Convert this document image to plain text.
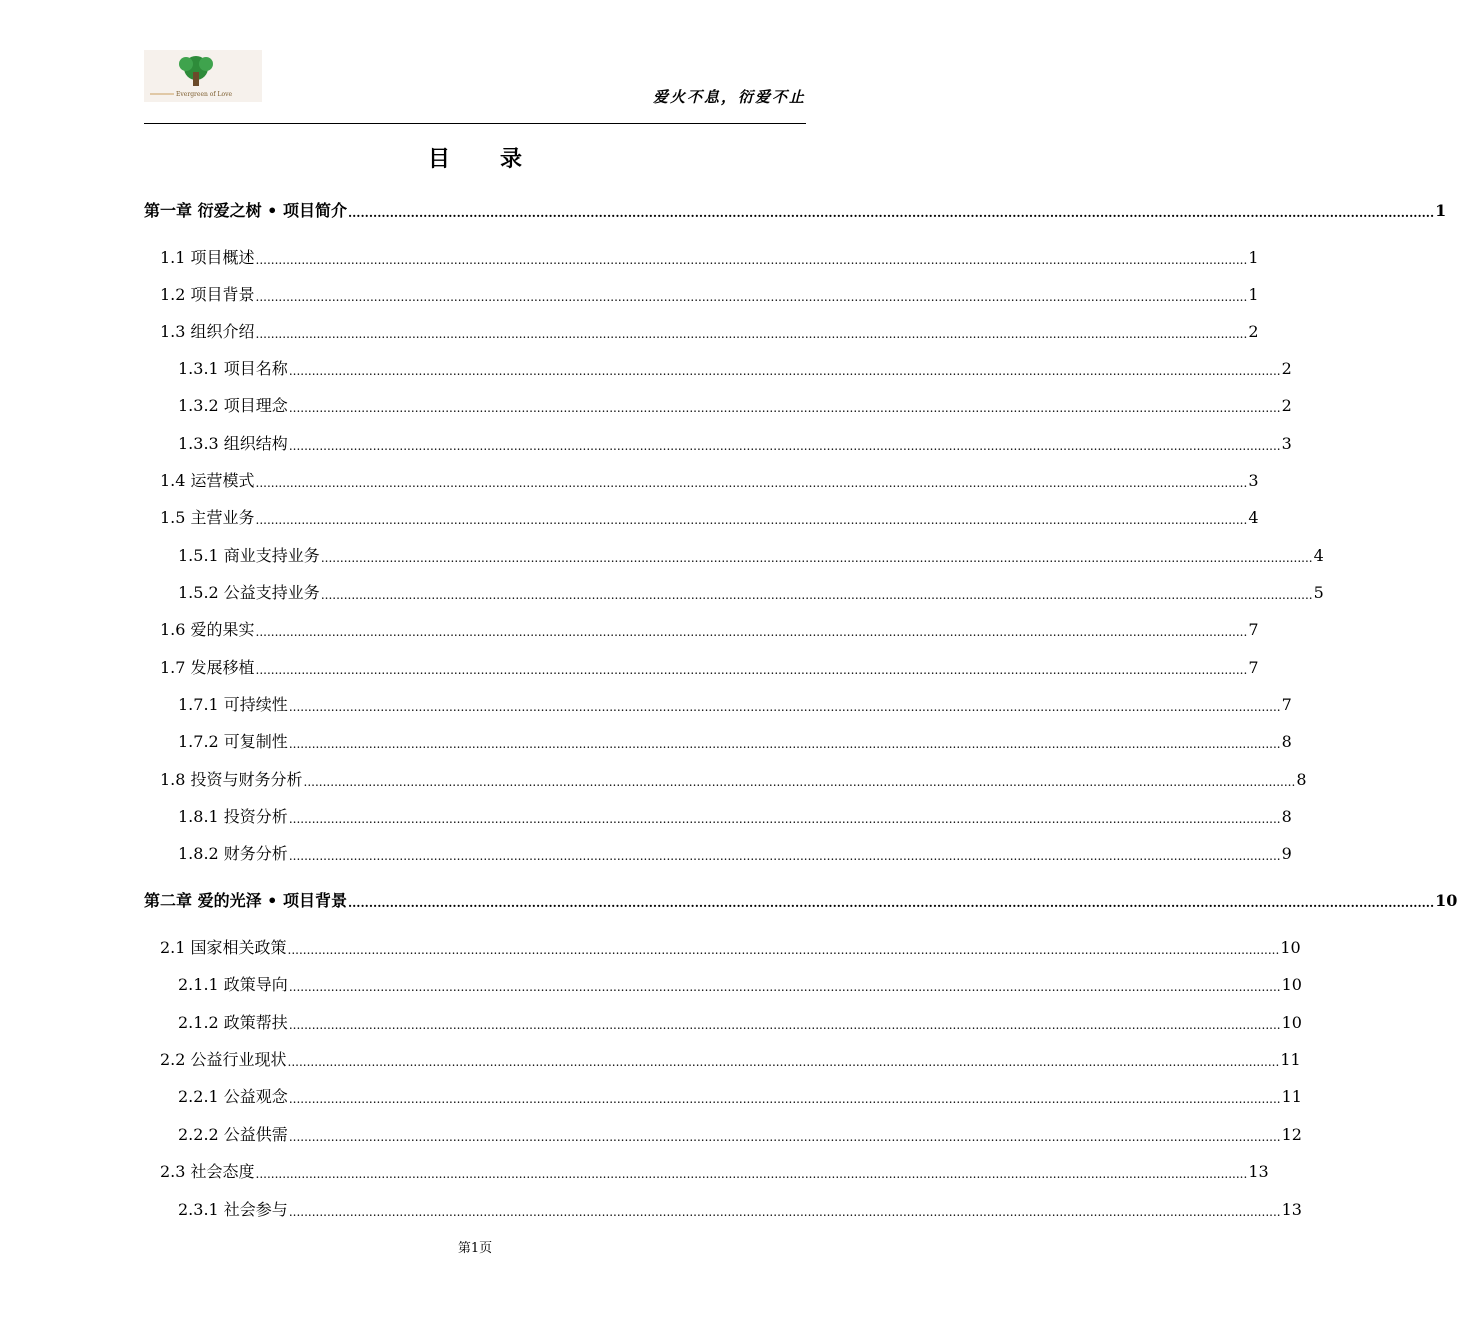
Evergreen of Love	爱火不息，衍爱不止
目录
第一章 衍爱之树 • 项目简介 .................................................................................................................................................................................................................................................................... 1
1.1 项目概述 .................................................................................................................................................................................................................................................................... 1
1.2 项目背景 .................................................................................................................................................................................................................................................................... 1
1.3 组织介绍 .................................................................................................................................................................................................................................................................... 2
1.3.1 项目名称 .................................................................................................................................................................................................................................................................... 2
1.3.2 项目理念 .................................................................................................................................................................................................................................................................... 2
1.3.3 组织结构 .................................................................................................................................................................................................................................................................... 3
1.4 运营模式 .................................................................................................................................................................................................................................................................... 3
1.5 主营业务 .................................................................................................................................................................................................................................................................... 4
1.5.1 商业支持业务 .................................................................................................................................................................................................................................................................... 4
1.5.2 公益支持业务 .................................................................................................................................................................................................................................................................... 5
1.6 爱的果实 .................................................................................................................................................................................................................................................................... 7
1.7 发展移植 .................................................................................................................................................................................................................................................................... 7
1.7.1 可持续性 .................................................................................................................................................................................................................................................................... 7
1.7.2 可复制性 .................................................................................................................................................................................................................................................................... 8
1.8 投资与财务分析 .................................................................................................................................................................................................................................................................... 8
1.8.1 投资分析 .................................................................................................................................................................................................................................................................... 8
1.8.2 财务分析 .................................................................................................................................................................................................................................................................... 9
第二章 爱的光泽 • 项目背景 .................................................................................................................................................................................................................................................................... 10
2.1 国家相关政策 .................................................................................................................................................................................................................................................................... 10
2.1.1 政策导向 .................................................................................................................................................................................................................................................................... 10
2.1.2 政策帮扶 .................................................................................................................................................................................................................................................................... 10
2.2 公益行业现状 .................................................................................................................................................................................................................................................................... 11
2.2.1 公益观念 .................................................................................................................................................................................................................................................................... 11
2.2.2 公益供需 .................................................................................................................................................................................................................................................................... 12
2.3 社会态度 .................................................................................................................................................................................................................................................................... 13
2.3.1 社会参与 .................................................................................................................................................................................................................................................................... 13
第1页
